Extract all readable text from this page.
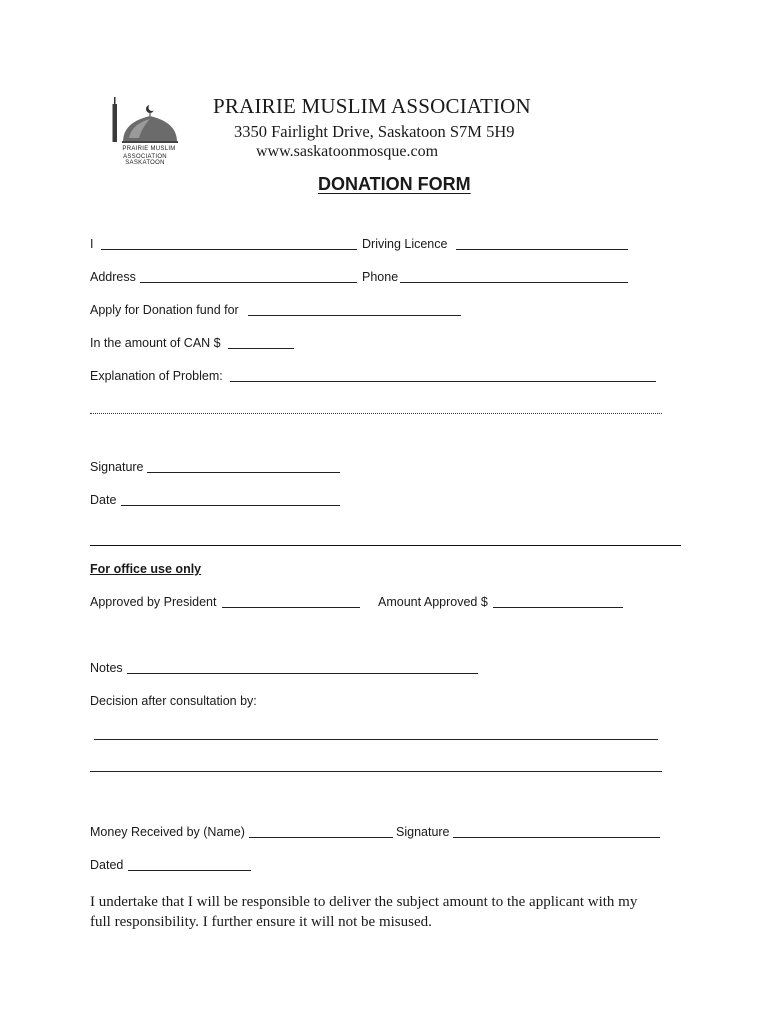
PRAIRIE MUSLIM
ASSOCIATION SASKATOON
PRAIRIE MUSLIM ASSOCIATION
3350 Fairlight Drive, Saskatoon S7M 5H9
www.saskatoonmosque.com
DONATION FORM
I	Driving Licence
Address	Phone
Apply for Donation fund for
In the amount of CAN $
Explanation of Problem:
Signature
Date
For office use only
Approved by President	Amount Approved $
Notes
Decision after consultation by:
Money Received by (Name)	Signature
Dated
I undertake that I will be responsible to deliver the subject amount to the applicant with my
full responsibility. I further ensure it will not be misused.
